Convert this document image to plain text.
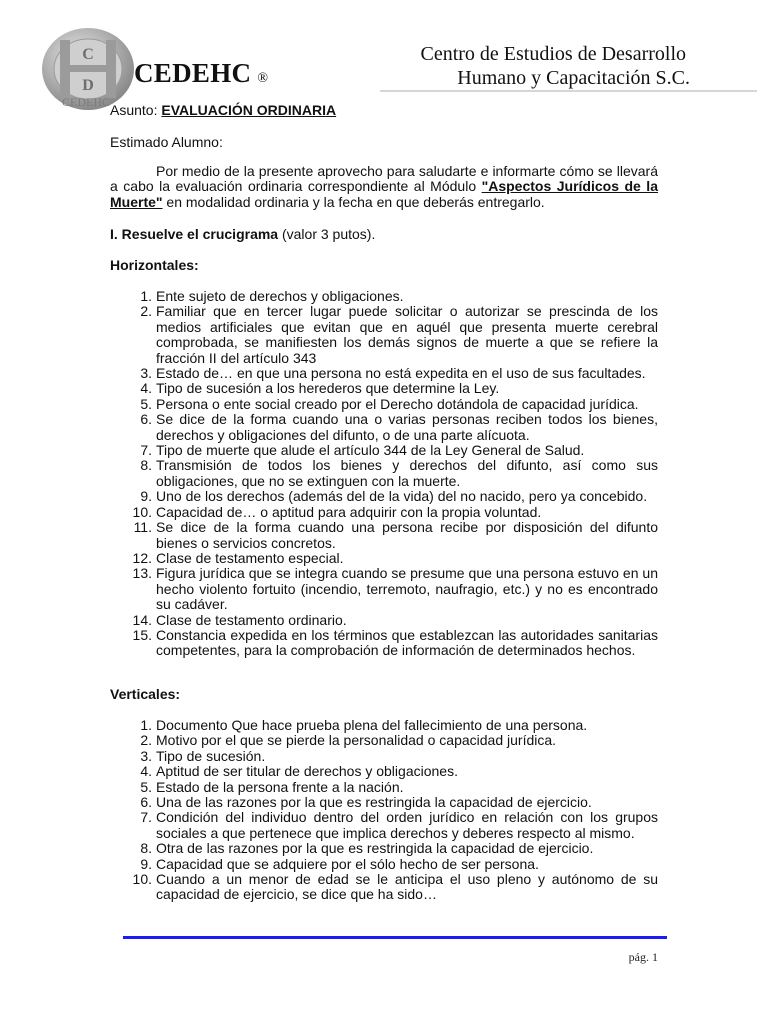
C
D
CEDEHC
CEDEHC ®
Centro de Estudios de Desarrollo
Humano y Capacitación S.C.

Asunto: EVALUACIÓN ORDINARIA

Estimado Alumno:

Por medio de la presente aprovecho para saludarte e informarte cómo se llevará a cabo la evaluación ordinaria correspondiente al Módulo "Aspectos Jurídicos de la Muerte" en modalidad ordinaria y la fecha en que deberás entregarlo.

I. Resuelve el crucigrama (valor 3 putos).

Horizontales:

1. Ente sujeto de derechos y obligaciones.
2. Familiar que en tercer lugar puede solicitar o autorizar se prescinda de los medios artificiales que evitan que en aquél que presenta muerte cerebral comprobada, se manifiesten los demás signos de muerte a que se refiere la fracción II del artículo 343
3. Estado de… en que una persona no está expedita en el uso de sus facultades.
4. Tipo de sucesión a los herederos que determine la Ley.
5. Persona o ente social creado por el Derecho dotándola de capacidad jurídica.
6. Se dice de la forma cuando una o varias personas reciben todos los bienes, derechos y obligaciones del difunto, o de una parte alícuota.
7. Tipo de muerte que alude el artículo 344 de la Ley General de Salud.
8. Transmisión de todos los bienes y derechos del difunto, así como sus obligaciones, que no se extinguen con la muerte.
9. Uno de los derechos (además del de la vida) del no nacido, pero ya concebido.
10. Capacidad de… o aptitud para adquirir con la propia voluntad.
11. Se dice de la forma cuando una persona recibe por disposición del difunto bienes o servicios concretos.
12. Clase de testamento especial.
13. Figura jurídica que se integra cuando se presume que una persona estuvo en un hecho violento fortuito (incendio, terremoto, naufragio, etc.) y no es encontrado su cadáver.
14. Clase de testamento ordinario.
15. Constancia expedida en los términos que establezcan las autoridades sanitarias competentes, para la comprobación de información de determinados hechos.

Verticales:

1. Documento Que hace prueba plena del fallecimiento de una persona.
2. Motivo por el que se pierde la personalidad o capacidad jurídica.
3. Tipo de sucesión.
4. Aptitud de ser titular de derechos y obligaciones.
5. Estado de la persona frente a la nación.
6. Una de las razones por la que es restringida la capacidad de ejercicio.
7. Condición del individuo dentro del orden jurídico en relación con los grupos sociales a que pertenece que implica derechos y deberes respecto al mismo.
8. Otra de las razones por la que es restringida la capacidad de ejercicio.
9. Capacidad que se adquiere por el sólo hecho de ser persona.
10. Cuando a un menor de edad se le anticipa el uso pleno y autónomo de su capacidad de ejercicio, se dice que ha sido…
pág. 1
